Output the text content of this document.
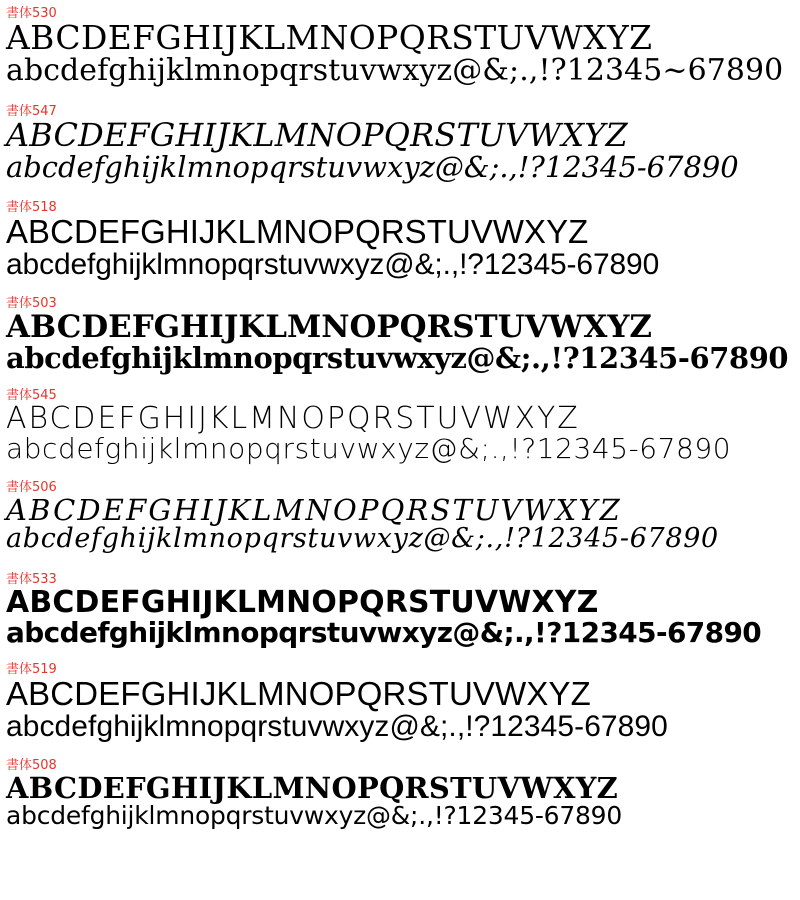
書体530
ABCDEFGHIJKLMNOPQRSTUVWXYZ
abcdefghijklmnopqrstuvwxyz@&;.,!?12345~67890
書体547
ABCDEFGHIJKLMNOPQRSTUVWXYZ
abcdefghijklmnopqrstuvwxyz@&;.,!?12345-67890
書体518
ABCDEFGHIJKLMNOPQRSTUVWXYZ
abcdefghijklmnopqrstuvwxyz@&;.,!?12345-67890
書体503
ABCDEFGHIJKLMNOPQRSTUVWXYZ
abcdefghijklmnopqrstuvwxyz@&;.,!?12345-67890
書体545
ABCDEFGHIJKLMNOPQRSTUVWXYZ
abcdefghijklmnopqrstuvwxyz@&;.,!?12345-67890
書体506
ABCDEFGHIJKLMNOPQRSTUVWXYZ
abcdefghijklmnopqrstuvwxyz@&;.,!?12345-67890
書体533
ABCDEFGHIJKLMNOPQRSTUVWXYZ
abcdefghijklmnopqrstuvwxyz@&;.,!?12345-67890
書体519
ABCDEFGHIJKLMNOPQRSTUVWXYZ
abcdefghijklmnopqrstuvwxyz@&;.,!?12345-67890
書体508
ABCDEFGHIJKLMNOPQRSTUVWXYZ
abcdefghijklmnopqrstuvwxyz@&;.,!?12345-67890
